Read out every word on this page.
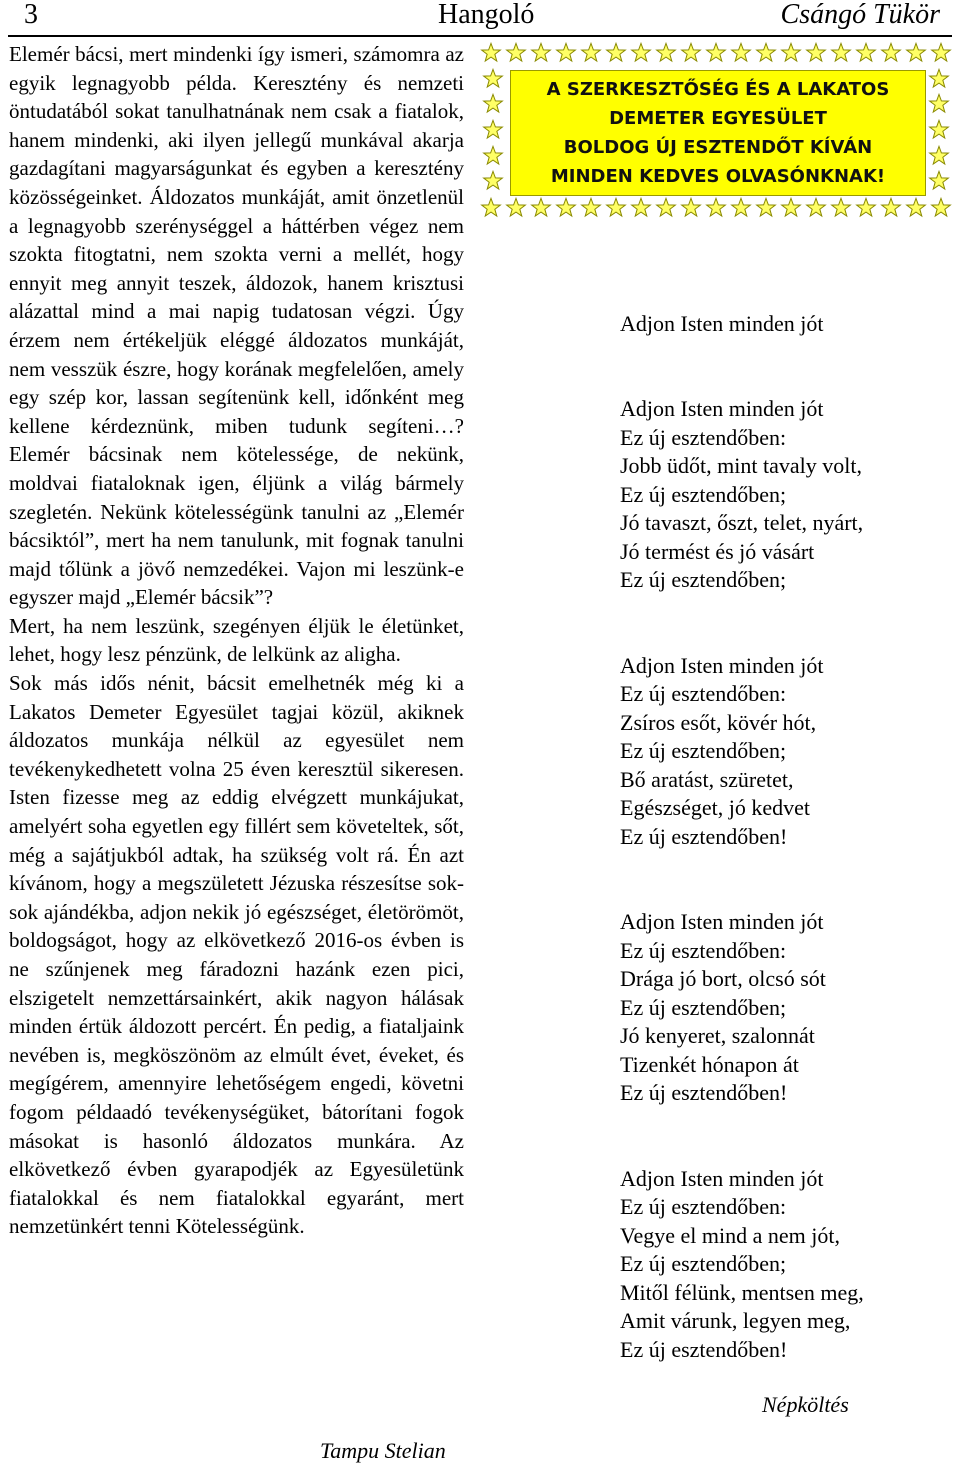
3	Hangoló	Csángó Tükör

Elemér bácsi, mert mindenki így ismeri, számomra az egyik legnagyobb példa. Keresztény és nemzeti öntudatából sokat tanulhatnának nem csak a fiatalok, hanem mindenki, aki ilyen jellegű munkával akarja gazdagítani magyarságunkat és egyben a keresztény közösségeinket. Áldozatos munkáját, amit önzetlenül a legnagyobb szerénységgel a háttérben végez nem szokta fitogtatni, nem szokta verni a mellét, hogy ennyit meg annyit teszek, áldozok, hanem krisztusi alázattal mind a mai napig tudatosan végzi. Úgy érzem nem értékeljük eléggé áldozatos munkáját, nem vesszük észre, hogy korának megfelelően, amely egy szép kor, lassan segítenünk kell, időnként meg kellene kérdeznünk, miben tudunk segíteni…? Elemér bácsinak nem kötelessége, de nekünk, moldvai fiataloknak igen, éljünk a világ bármely szegletén. Nekünk kötelességünk tanulni az „Elemér bácsiktól”, mert ha nem tanulunk, mit fognak tanulni majd tőlünk a jövő nemzedékei. Vajon mi leszünk-e egyszer majd „Elemér bácsik”?

Mert, ha nem leszünk, szegényen éljük le életünket, lehet, hogy lesz pénzünk, de lelkünk az aligha.

Sok más idős nénit, bácsit emelhetnék még ki a Lakatos Demeter Egyesület tagjai közül, akiknek áldozatos munkája nélkül az egyesület nem tevékenykedhetett volna 25 éven keresztül sikeresen. Isten fizesse meg az eddig elvégzett munkájukat, amelyért soha egyetlen egy fillért sem követeltek, sőt, még a sajátjukból adtak, ha szükség volt rá. Én azt kívánom, hogy a megszületett Jézuska részesítse sok-sok ajándékba, adjon nekik jó egészséget, életörömöt, boldogságot, hogy az elkövetkező 2016-os évben is ne szűnjenek meg fáradozni hazánk ezen pici, elszigetelt nemzettársainkért, akik nagyon hálásak minden értük áldozott percért. Én pedig, a fiataljaink nevében is, megköszönöm az elmúlt évet, éveket, és megígérem, amennyire lehetőségem engedi, követni fogom példaadó tevékenységüket, bátorítani fogok másokat is hasonló áldozatos munkára. Az elkövetkező évben gyarapodjék az Egyesületünk fiatalokkal és nem fiatalokkal egyaránt, mert nemzetünkért tenni Kötelességünk.

Tampu Stelian
A SZERKESZTŐSÉG ÉS A LAKATOS
DEMETER EGYESÜLET
BOLDOG ÚJ ESZTENDŐT KÍVÁN
MINDEN KEDVES OLVASÓNKNAK!
Adjon Isten minden jót
Adjon Isten minden jót
Ez új esztendőben:
Jobb üdőt, mint tavaly volt,
Ez új esztendőben;
Jó tavaszt, őszt, telet, nyárt,
Jó termést és jó vásárt
Ez új esztendőben;
Adjon Isten minden jót
Ez új esztendőben:
Zsíros esőt, kövér hót,
Ez új esztendőben;
Bő aratást, szüretet,
Egészséget, jó kedvet
Ez új esztendőben!
Adjon Isten minden jót
Ez új esztendőben:
Drága jó bort, olcsó sót
Ez új esztendőben;
Jó kenyeret, szalonnát
Tizenkét hónapon át
Ez új esztendőben!
Adjon Isten minden jót
Ez új esztendőben:
Vegye el mind a nem jót,
Ez új esztendőben;
Mitől félünk, mentsen meg,
Amit várunk, legyen meg,
Ez új esztendőben!
Népköltés
